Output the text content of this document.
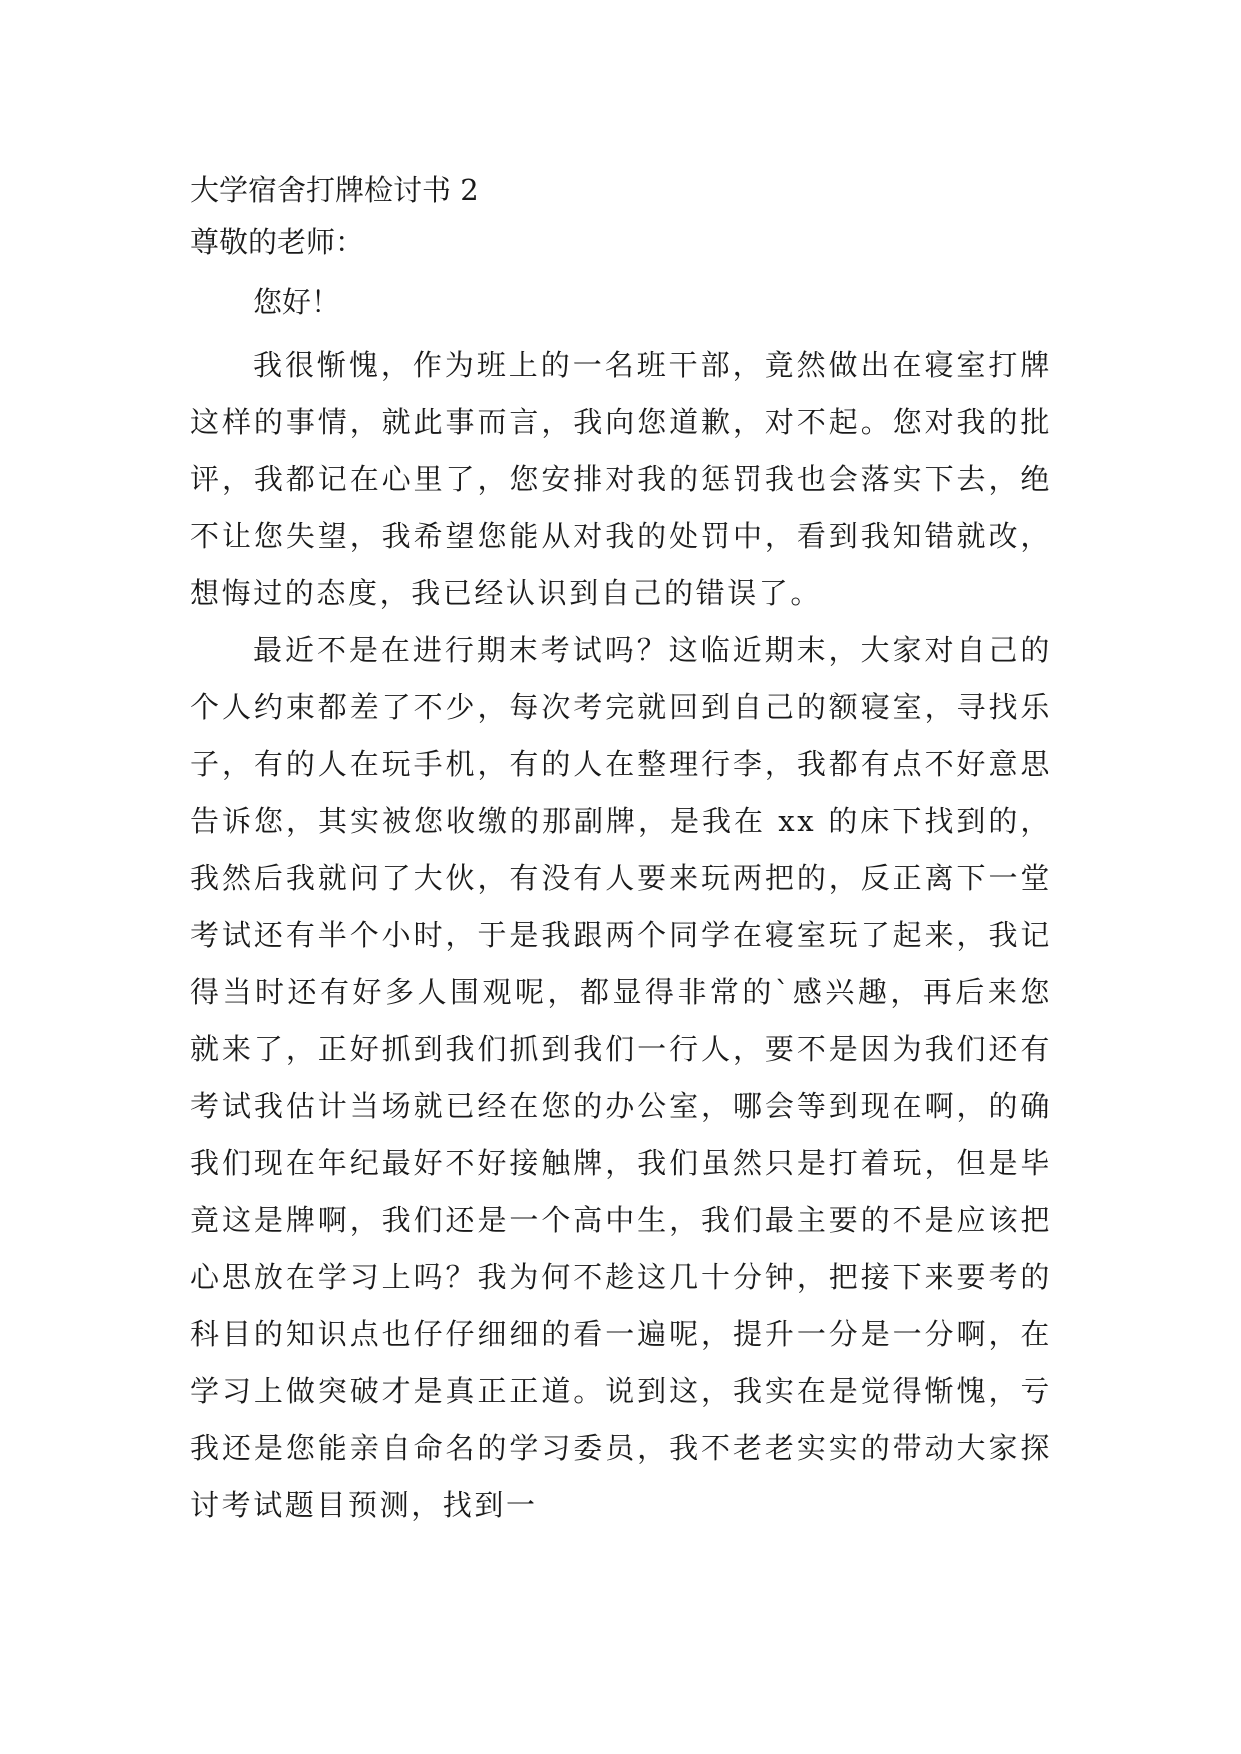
大学宿舍打牌检讨书 2
尊敬的老师：
您好！

我很惭愧，作为班上的一名班干部，竟然做出在寝室打牌这样的事情，就此事而言，我向您道歉，对不起。您对我的批评，我都记在心里了，您安排对我的惩罚我也会落实下去，绝不让您失望，我希望您能从对我的处罚中，看到我知错就改，想悔过的态度，我已经认识到自己的错误了。

最近不是在进行期末考试吗？这临近期末，大家对自己的个人约束都差了不少，每次考完就回到自己的额寝室，寻找乐子，有的人在玩手机，有的人在整理行李，我都有点不好意思告诉您，其实被您收缴的那副牌，是我在 xx 的床下找到的，我然后我就问了大伙，有没有人要来玩两把的，反正离下一堂考试还有半个小时，于是我跟两个同学在寝室玩了起来，我记得当时还有好多人围观呢，都显得非常的`感兴趣，再后来您就来了，正好抓到我们抓到我们一行人，要不是因为我们还有考试我估计当场就已经在您的办公室，哪会等到现在啊，的确我们现在年纪最好不好接触牌，我们虽然只是打着玩，但是毕竟这是牌啊，我们还是一个高中生，我们最主要的不是应该把心思放在学习上吗？我为何不趁这几十分钟，把接下来要考的科目的知识点也仔仔细细的看一遍呢，提升一分是一分啊，在学习上做突破才是真正正道。说到这，我实在是觉得惭愧，亏我还是您能亲自命名的学习委员，我不老老实实的带动大家探讨考试题目预测，找到一
